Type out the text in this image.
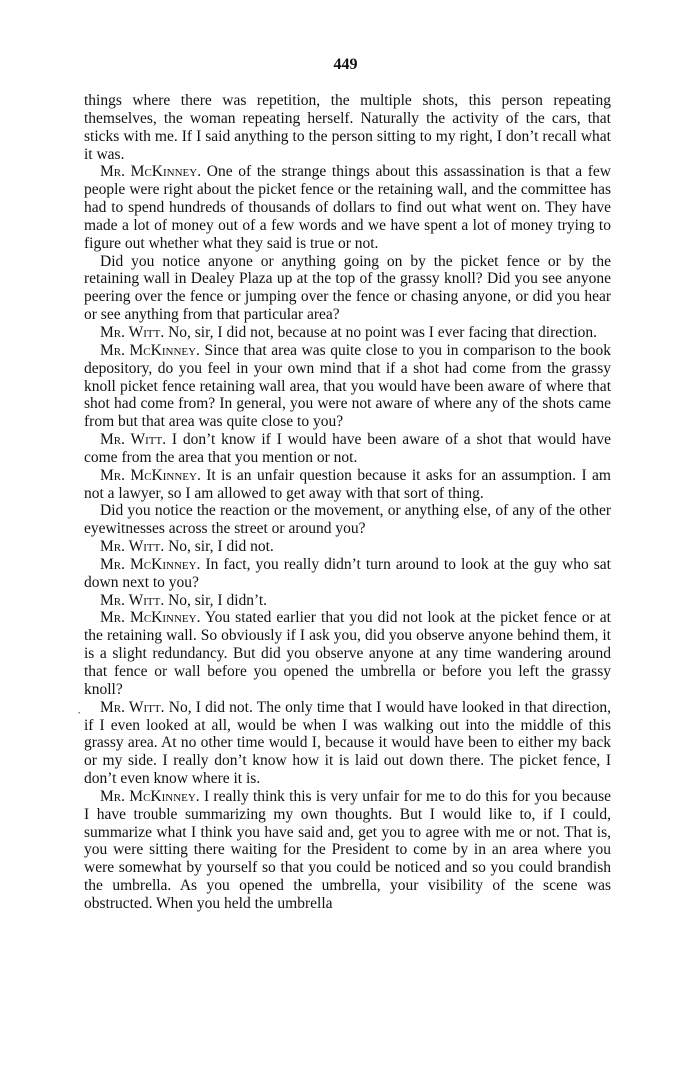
449
·

things where there was repetition, the multiple shots, this person repeating themselves, the woman repeating herself. Naturally the activity of the cars, that sticks with me. If I said anything to the person sitting to my right, I don’t recall what it was.

Mr. McKinney. One of the strange things about this assassination is that a few people were right about the picket fence or the retaining wall, and the committee has had to spend hundreds of thousands of dollars to find out what went on. They have made a lot of money out of a few words and we have spent a lot of money trying to figure out whether what they said is true or not.

Did you notice anyone or anything going on by the picket fence or by the retaining wall in Dealey Plaza up at the top of the grassy knoll? Did you see anyone peering over the fence or jumping over the fence or chasing anyone, or did you hear or see anything from that particular area?

Mr. Witt. No, sir, I did not, because at no point was I ever facing that direction.

Mr. McKinney. Since that area was quite close to you in comparison to the book depository, do you feel in your own mind that if a shot had come from the grassy knoll picket fence retaining wall area, that you would have been aware of where that shot had come from? In general, you were not aware of where any of the shots came from but that area was quite close to you?

Mr. Witt. I don’t know if I would have been aware of a shot that would have come from the area that you mention or not.

Mr. McKinney. It is an unfair question because it asks for an assumption. I am not a lawyer, so I am allowed to get away with that sort of thing.

Did you notice the reaction or the movement, or anything else, of any of the other eyewitnesses across the street or around you?

Mr. Witt. No, sir, I did not.

Mr. McKinney. In fact, you really didn’t turn around to look at the guy who sat down next to you?

Mr. Witt. No, sir, I didn’t.

Mr. McKinney. You stated earlier that you did not look at the picket fence or at the retaining wall. So obviously if I ask you, did you observe anyone behind them, it is a slight redundancy. But did you observe anyone at any time wandering around that fence or wall before you opened the umbrella or before you left the grassy knoll?

Mr. Witt. No, I did not. The only time that I would have looked in that direction, if I even looked at all, would be when I was walking out into the middle of this grassy area. At no other time would I, because it would have been to either my back or my side. I really don’t know how it is laid out down there. The picket fence, I don’t even know where it is.

Mr. McKinney. I really think this is very unfair for me to do this for you because I have trouble summarizing my own thoughts. But I would like to, if I could, summarize what I think you have said and, get you to agree with me or not. That is, you were sitting there waiting for the President to come by in an area where you were somewhat by yourself so that you could be noticed and so you could brandish the umbrella. As you opened the umbrella, your visibility of the scene was obstructed. When you held the umbrella
